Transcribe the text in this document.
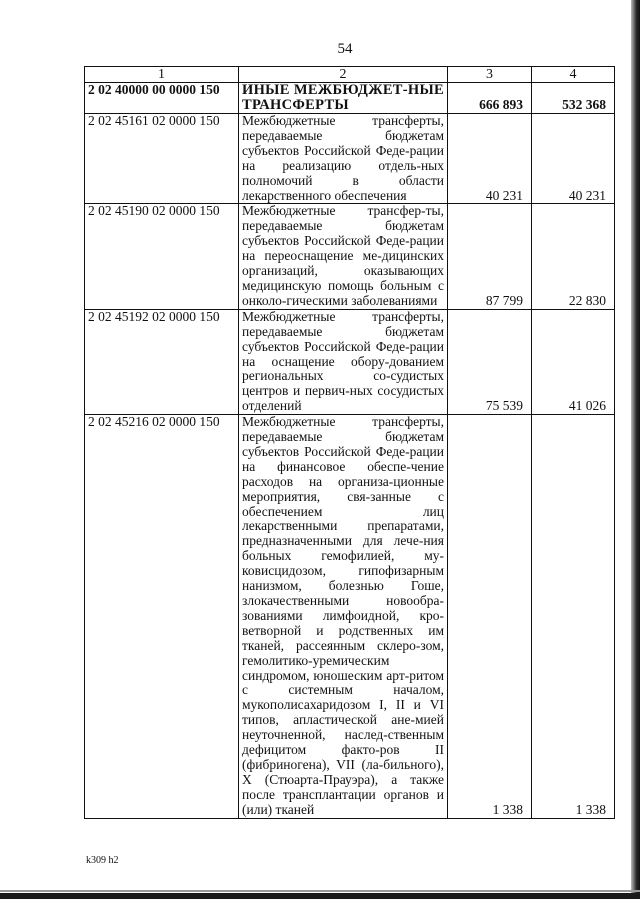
54
1	2	3	4
2 02 40000 00 0000 150	ИНЫЕ МЕЖБЮДЖЕТ-НЫЕ ТРАНСФЕРТЫ	666 893	532 368
2 02 45161 02 0000 150	Межбюджетные трансферты, передаваемые бюджетам субъектов Российской Феде-рации на реализацию отдель-ных полномочий в области лекарственного обеспечения	40 231	40 231
2 02 45190 02 0000 150	Межбюджетные трансфер-ты, передаваемые бюджетам субъектов Российской Феде-рации на переоснащение ме-дицинских организаций, оказывающих медицинскую помощь больным с онколо-гическими заболеваниями	87 799	22 830
2 02 45192 02 0000 150	Межбюджетные трансферты, передаваемые бюджетам субъектов Российской Феде-рации на оснащение обору-дованием региональных со-судистых центров и первич-ных сосудистых отделений	75 539	41 026
2 02 45216 02 0000 150	Межбюджетные трансферты, передаваемые бюджетам субъектов Российской Феде-рации на финансовое обеспе-чение расходов на организа-ционные мероприятия, свя-занные с обеспечением лиц лекарственными препаратами, предназначенными для лече-ния больных гемофилией, му-ковисцидозом, гипофизарным нанизмом, болезнью Гоше, злокачественными новообра-зованиями лимфоидной, кро-ветворной и родственных им тканей, рассеянным склеро-зом, гемолитико-уремическим синдромом, юношеским арт-ритом с системным началом, мукополисахаридозом I, II и VI типов, апластической ане-мией неуточненной, наслед-ственным дефицитом факто-ров II (фибриногена), VII (ла-бильного), X (Стюарта-Прауэра), а также после трансплантации органов и (или) тканей	1 338	1 338
k309 h2
